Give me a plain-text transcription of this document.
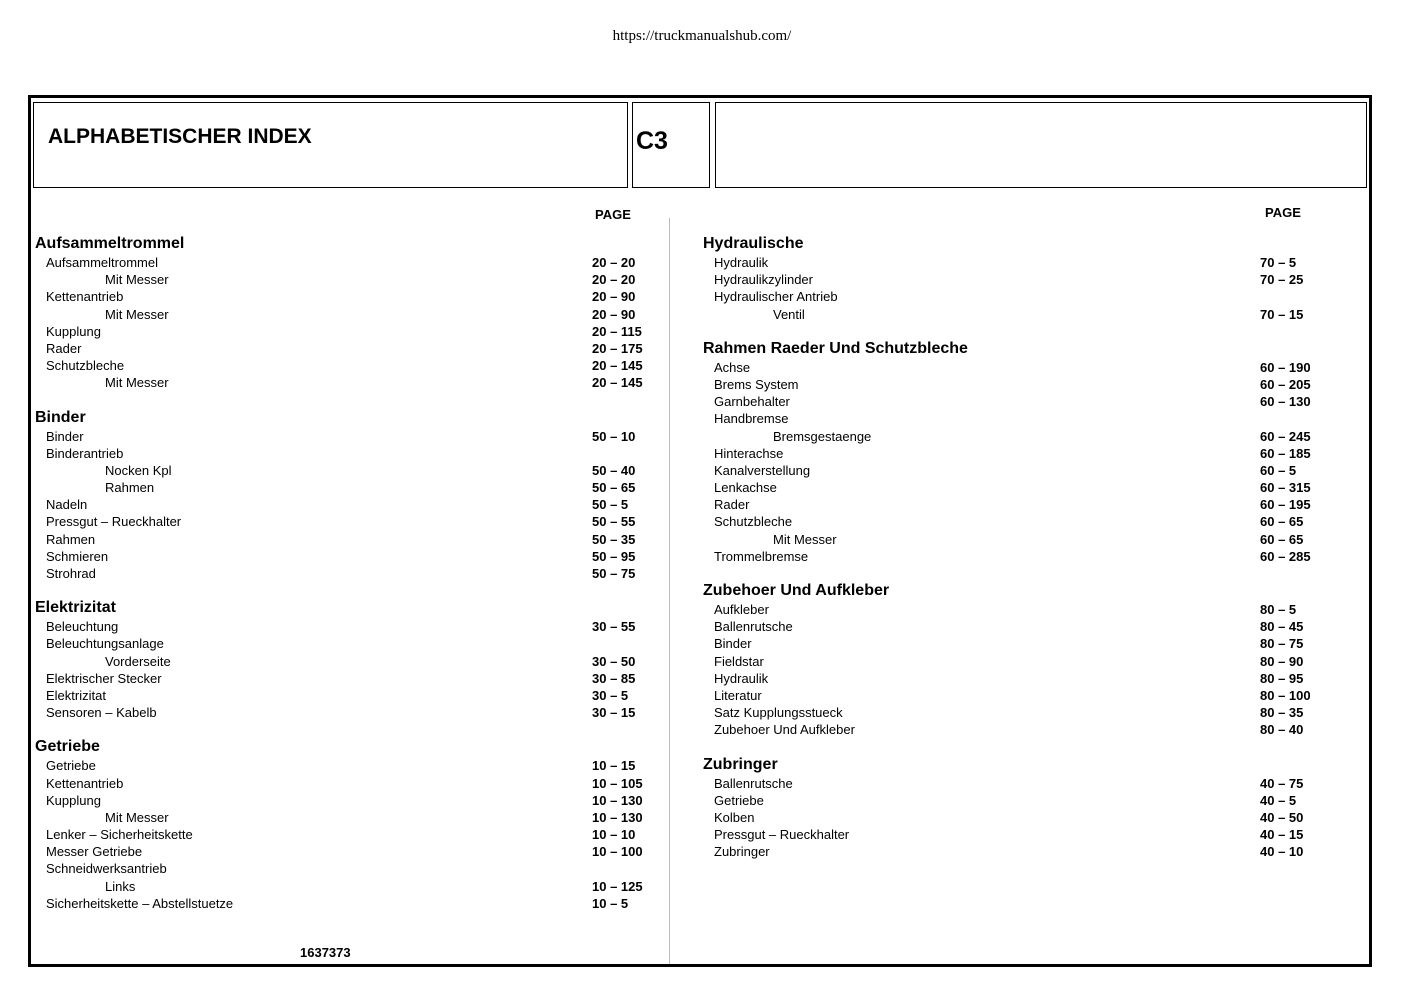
https://truckmanualshub.com/
ALPHABETISCHER INDEX	C3
PAGE	PAGE
Aufsammeltrommel
Aufsammeltrommel	20 – 20
Mit Messer	20 – 20
Kettenantrieb	20 – 90
Mit Messer	20 – 90
Kupplung	20 – 115
Rader	20 – 175
Schutzbleche	20 – 145
Mit Messer	20 – 145
Binder
Binder	50 – 10
Binderantrieb
Nocken Kpl	50 – 40
Rahmen	50 – 65
Nadeln	50 – 5
Pressgut – Rueckhalter	50 – 55
Rahmen	50 – 35
Schmieren	50 – 95
Strohrad	50 – 75
Elektrizitat
Beleuchtung	30 – 55
Beleuchtungsanlage
Vorderseite	30 – 50
Elektrischer Stecker	30 – 85
Elektrizitat	30 – 5
Sensoren – Kabelb	30 – 15
Getriebe
Getriebe	10 – 15
Kettenantrieb	10 – 105
Kupplung	10 – 130
Mit Messer	10 – 130
Lenker – Sicherheitskette	10 – 10
Messer Getriebe	10 – 100
Schneidwerksantrieb
Links	10 – 125
Sicherheitskette – Abstellstuetze	10 – 5
Hydraulische
Hydraulik	70 – 5
Hydraulikzylinder	70 – 25
Hydraulischer Antrieb
Ventil	70 – 15
Rahmen Raeder Und Schutzbleche
Achse	60 – 190
Brems System	60 – 205
Garnbehalter	60 – 130
Handbremse
Bremsgestaenge	60 – 245
Hinterachse	60 – 185
Kanalverstellung	60 – 5
Lenkachse	60 – 315
Rader	60 – 195
Schutzbleche	60 – 65
Mit Messer	60 – 65
Trommelbremse	60 – 285
Zubehoer Und Aufkleber
Aufkleber	80 – 5
Ballenrutsche	80 – 45
Binder	80 – 75
Fieldstar	80 – 90
Hydraulik	80 – 95
Literatur	80 – 100
Satz Kupplungsstueck	80 – 35
Zubehoer Und Aufkleber	80 – 40
Zubringer
Ballenrutsche	40 – 75
Getriebe	40 – 5
Kolben	40 – 50
Pressgut – Rueckhalter	40 – 15
Zubringer	40 – 10
1637373
